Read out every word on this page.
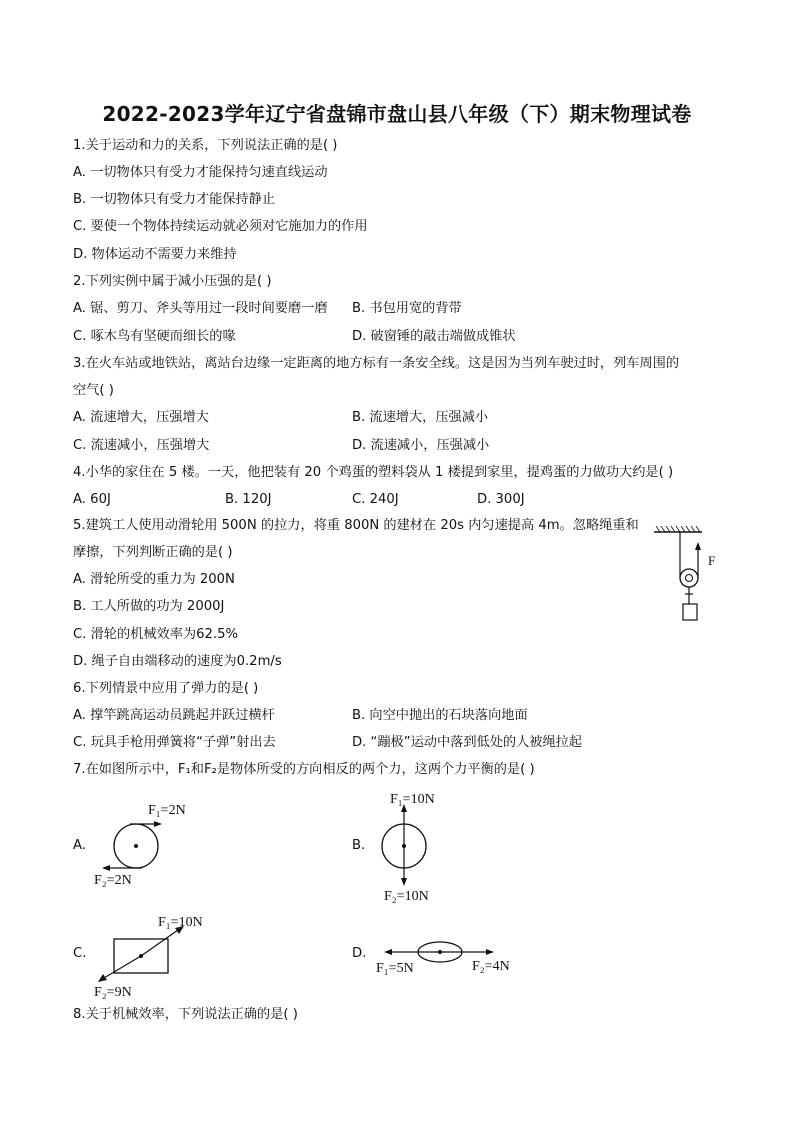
2022-2023学年辽宁省盘锦市盘山县八年级（下）期末物理试卷
1.关于运动和力的关系，下列说法正确的是( )
A. 一切物体只有受力才能保持匀速直线运动
B. 一切物体只有受力才能保持静止
C. 要使一个物体持续运动就必须对它施加力的作用
D. 物体运动不需要力来维持
2.下列实例中属于减小压强的是( )
A. 锯、剪刀、斧头等用过一段时间要磨一磨 B. 书包用宽的背带
C. 啄木鸟有坚硬而细长的喙	D. 破窗锤的敲击端做成锥状
3.在火车站或地铁站，离站台边缘一定距离的地方标有一条安全线。这是因为当列车驶过时，列车周围的
空气( )
A. 流速增大，压强增大	B. 流速增大，压强减小
C. 流速减小，压强增大	D. 流速减小，压强减小
4.小华的家住在 5 楼。一天，他把装有 20 个鸡蛋的塑料袋从 1 楼提到家里，提鸡蛋的力做功大约是( )
A. 60J	B. 120J	C. 240J	D. 300J
5.建筑工人使用动滑轮用 500N 的拉力，将重 800N 的建材在 20s 内匀速提高 4m。忽略绳重和
摩擦，下列判断正确的是( )
A. 滑轮所受的重力为 200N
B. 工人所做的功为 2000J
C. 滑轮的机械效率为62.5%
D. 绳子自由端移动的速度为0.2m/s
F
6.下列情景中应用了弹力的是( )
A. 撑竿跳高运动员跳起并跃过横杆	B. 向空中抛出的石块落向地面
C. 玩具手枪用弹簧将“子弹”射出去	D. “蹦极”运动中落到低处的人被绳拉起
7.在如图所示中，F₁和F₂是物体所受的方向相反的两个力，这两个力平衡的是( )
A.
F₁=2N
F₂=2N
B.
F₁=10N
F₂=10N
C.
F₁=10N
F₂=9N
D.
F₁=5N	F₂=4N
8.关于机械效率，下列说法正确的是( )
